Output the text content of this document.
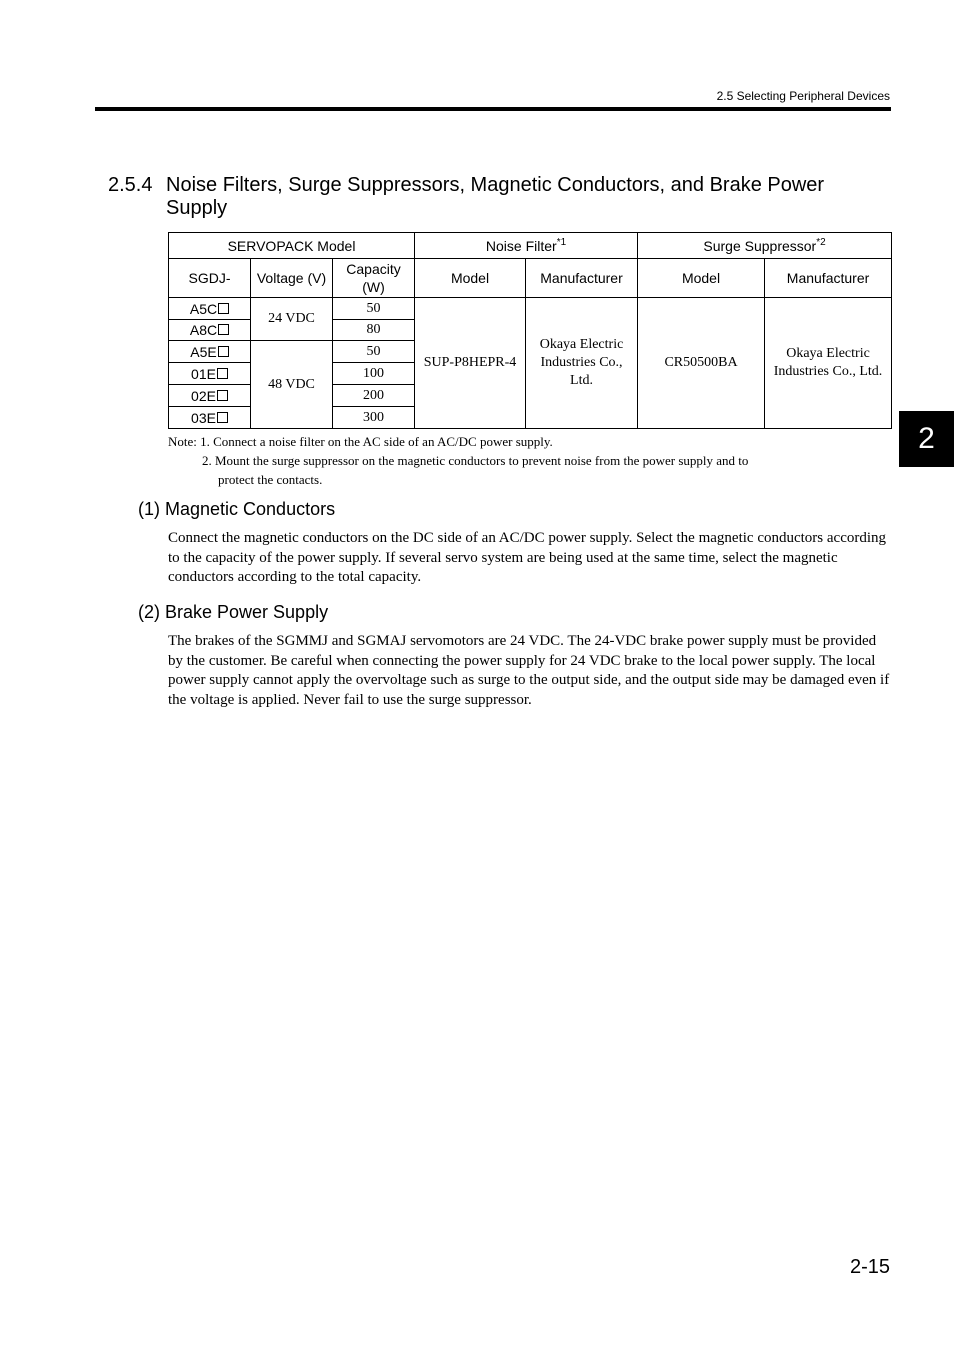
2.5 Selecting Peripheral Devices
2.5.4 Noise Filters, Surge Suppressors, Magnetic Conductors, and Brake Power Supply
SERVOPACK Model			Noise Filter$^{*1}$		Surge Suppressor$^{*2}$
SGDJ-	Voltage (V)	Capacity (W)	Model	Manufacturer	Model	Manufacturer
A5C	24 VDC	50	SUP-P8HEPR-4	Okaya Electric Industries Co., Ltd.	CR50500BA	Okaya Electric Industries Co., Ltd.
A8C		80				
A5E	48 VDC	50				
01E		100				
02E		200				
03E		300				
Note: 1. Connect a noise filter on the AC side of an AC/DC power supply.
2. Mount the surge suppressor on the magnetic conductors to prevent noise from the power supply and to
protect the contacts.
(1) Magnetic Conductors
Connect the magnetic conductors on the DC side of an AC/DC power supply. Select the magnetic conductors according to the capacity of the power supply. If several servo system are being used at the same time, select the magnetic conductors according to the total capacity.
(2) Brake Power Supply
The brakes of the SGMMJ and SGMAJ servomotors are 24 VDC. The 24-VDC brake power supply must be provided by the customer. Be careful when connecting the power supply for 24 VDC brake to the local power supply. The local power supply cannot apply the overvoltage such as surge to the output side, and the output side may be damaged even if the voltage is applied. Never fail to use the surge suppressor.
2
2-15
